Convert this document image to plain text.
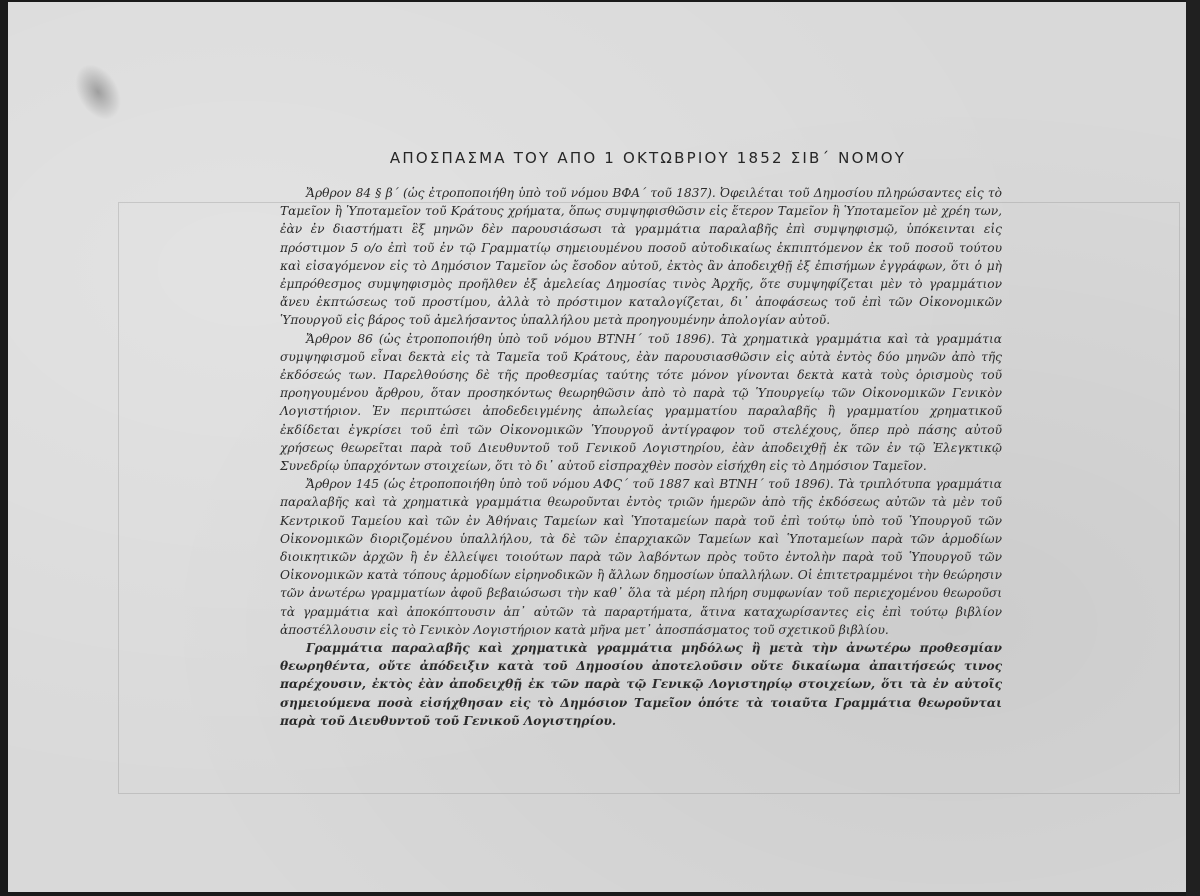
ΑΠΟΣΠΑΣΜΑ ΤΟΥ ΑΠΟ 1 ΟΚΤΩΒΡΙΟΥ 1852 ΣΙΒ΄ ΝΟΜΟΥ

Ἄρθρον 84 § β΄ (ὡς ἐτροποποιήθη ὑπὸ τοῦ νόμου ΒΦΑ΄ τοῦ 1837). Ὀφειλέται τοῦ Δημοσίου πληρώσαντες εἰς τὸ Ταμεῖον ἢ Ὑποταμεῖον τοῦ Κράτους χρήματα, ὅπως συμψηφισθῶσιν εἰς ἕτερον Ταμεῖον ἢ Ὑποταμεῖον μὲ χρέη των, ἐὰν ἐν διαστήματι ἓξ μηνῶν δὲν παρουσιάσωσι τὰ γραμμάτια παραλαβῆς ἐπὶ συμψηφισμῷ, ὑπόκεινται εἰς πρόστιμον 5 ο/ο ἐπὶ τοῦ ἐν τῷ Γραμματίῳ σημειουμένου ποσοῦ αὐτοδικαίως ἐκπιπτόμενον ἐκ τοῦ ποσοῦ τούτου καὶ εἰσαγόμενον εἰς τὸ Δημόσιον Ταμεῖον ὡς ἔσοδον αὐτοῦ, ἐκτὸς ἂν ἀποδειχθῇ ἐξ ἐπισήμων ἐγγράφων, ὅτι ὁ μὴ ἐμπρόθεσμος συμψηφισμὸς προῆλθεν ἐξ ἀμελείας Δημοσίας τινὸς Ἀρχῆς, ὅτε συμψηφίζεται μὲν τὸ γραμμάτιον ἄνευ ἐκπτώσεως τοῦ προστίμου, ἀλλὰ τὸ πρόστιμον καταλογίζεται, δι᾽ ἀποφάσεως τοῦ ἐπὶ τῶν Οἰκονομικῶν Ὑπουργοῦ εἰς βάρος τοῦ ἀμελήσαντος ὑπαλλήλου μετὰ προηγουμένην ἀπολογίαν αὐτοῦ.

Ἄρθρον 86 (ὡς ἐτροποποιήθη ὑπὸ τοῦ νόμου ΒΤΝΗ΄ τοῦ 1896). Τὰ χρηματικὰ γραμμάτια καὶ τὰ γραμμάτια συμψηφισμοῦ εἶναι δεκτὰ εἰς τὰ Ταμεῖα τοῦ Κράτους, ἐὰν παρουσιασθῶσιν εἰς αὐτὰ ἐντὸς δύο μηνῶν ἀπὸ τῆς ἐκδόσεώς των. Παρελθούσης δὲ τῆς προθεσμίας ταύτης τότε μόνον γίνονται δεκτὰ κατὰ τοὺς ὁρισμοὺς τοῦ προηγουμένου ἄρθρου, ὅταν προσηκόντως θεωρηθῶσιν ἀπὸ τὸ παρὰ τῷ Ὑπουργείῳ τῶν Οἰκονομικῶν Γενικὸν Λογιστήριον. Ἐν περιπτώσει ἀποδεδειγμένης ἀπωλείας γραμματίου παραλαβῆς ἢ γραμματίου χρηματικοῦ ἐκδίδεται ἐγκρίσει τοῦ ἐπὶ τῶν Οἰκονομικῶν Ὑπουργοῦ ἀντίγραφον τοῦ στελέχους, ὅπερ πρὸ πάσης αὐτοῦ χρήσεως θεωρεῖται παρὰ τοῦ Διευθυντοῦ τοῦ Γενικοῦ Λογιστηρίου, ἐὰν ἀποδειχθῇ ἐκ τῶν ἐν τῷ Ἐλεγκτικῷ Συνεδρίῳ ὑπαρχόντων στοιχείων, ὅτι τὸ δι᾽ αὐτοῦ εἰσπραχθὲν ποσὸν εἰσήχθη εἰς τὸ Δημόσιον Ταμεῖον.

Ἄρθρον 145 (ὡς ἐτροποποιήθη ὑπὸ τοῦ νόμου ΑΦϚ΄ τοῦ 1887 καὶ ΒΤΝΗ΄ τοῦ 1896). Τὰ τριπλότυπα γραμμάτια παραλαβῆς καὶ τὰ χρηματικὰ γραμμάτια θεωροῦνται ἐντὸς τριῶν ἡμερῶν ἀπὸ τῆς ἐκδόσεως αὐτῶν τὰ μὲν τοῦ Κεντρικοῦ Ταμείου καὶ τῶν ἐν Ἀθήναις Ταμείων καὶ Ὑποταμείων παρὰ τοῦ ἐπὶ τούτῳ ὑπὸ τοῦ Ὑπουργοῦ τῶν Οἰκονομικῶν διοριζομένου ὑπαλλήλου, τὰ δὲ τῶν ἐπαρχιακῶν Ταμείων καὶ Ὑποταμείων παρὰ τῶν ἁρμοδίων διοικητικῶν ἀρχῶν ἢ ἐν ἐλλείψει τοιούτων παρὰ τῶν λαβόντων πρὸς τοῦτο ἐντολὴν παρὰ τοῦ Ὑπουργοῦ τῶν Οἰκονομικῶν κατὰ τόπους ἁρμοδίων εἰρηνοδικῶν ἢ ἄλλων δημοσίων ὑπαλλήλων. Οἱ ἐπιτετραμμένοι τὴν θεώρησιν τῶν ἀνωτέρω γραμματίων ἀφοῦ βεβαιώσωσι τὴν καθ᾽ ὅλα τὰ μέρη πλήρη συμφωνίαν τοῦ περιεχομένου θεωροῦσι τὰ γραμμάτια καὶ ἀποκόπτουσιν ἀπ᾽ αὐτῶν τὰ παραρτήματα, ἅτινα καταχωρίσαντες εἰς ἐπὶ τούτῳ βιβλίον ἀποστέλλουσιν εἰς τὸ Γενικὸν Λογιστήριον κατὰ μῆνα μετ᾽ ἀποσπάσματος τοῦ σχετικοῦ βιβλίου.

Γραμμάτια παραλαβῆς καὶ χρηματικὰ γραμμάτια μηδόλως ἢ μετὰ τὴν ἀνωτέρω προθεσμίαν θεωρηθέντα, οὔτε ἀπόδειξιν κατὰ τοῦ Δημοσίου ἀποτελοῦσιν οὔτε δικαίωμα ἀπαιτήσεώς τινος παρέχουσιν, ἐκτὸς ἐὰν ἀποδειχθῇ ἐκ τῶν παρὰ τῷ Γενικῷ Λογιστηρίῳ στοιχείων, ὅτι τὰ ἐν αὐτοῖς σημειούμενα ποσὰ εἰσήχθησαν εἰς τὸ Δημόσιον Ταμεῖον ὁπότε τὰ τοιαῦτα Γραμμάτια θεωροῦνται παρὰ τοῦ Διευθυντοῦ τοῦ Γενικοῦ Λογιστηρίου.
